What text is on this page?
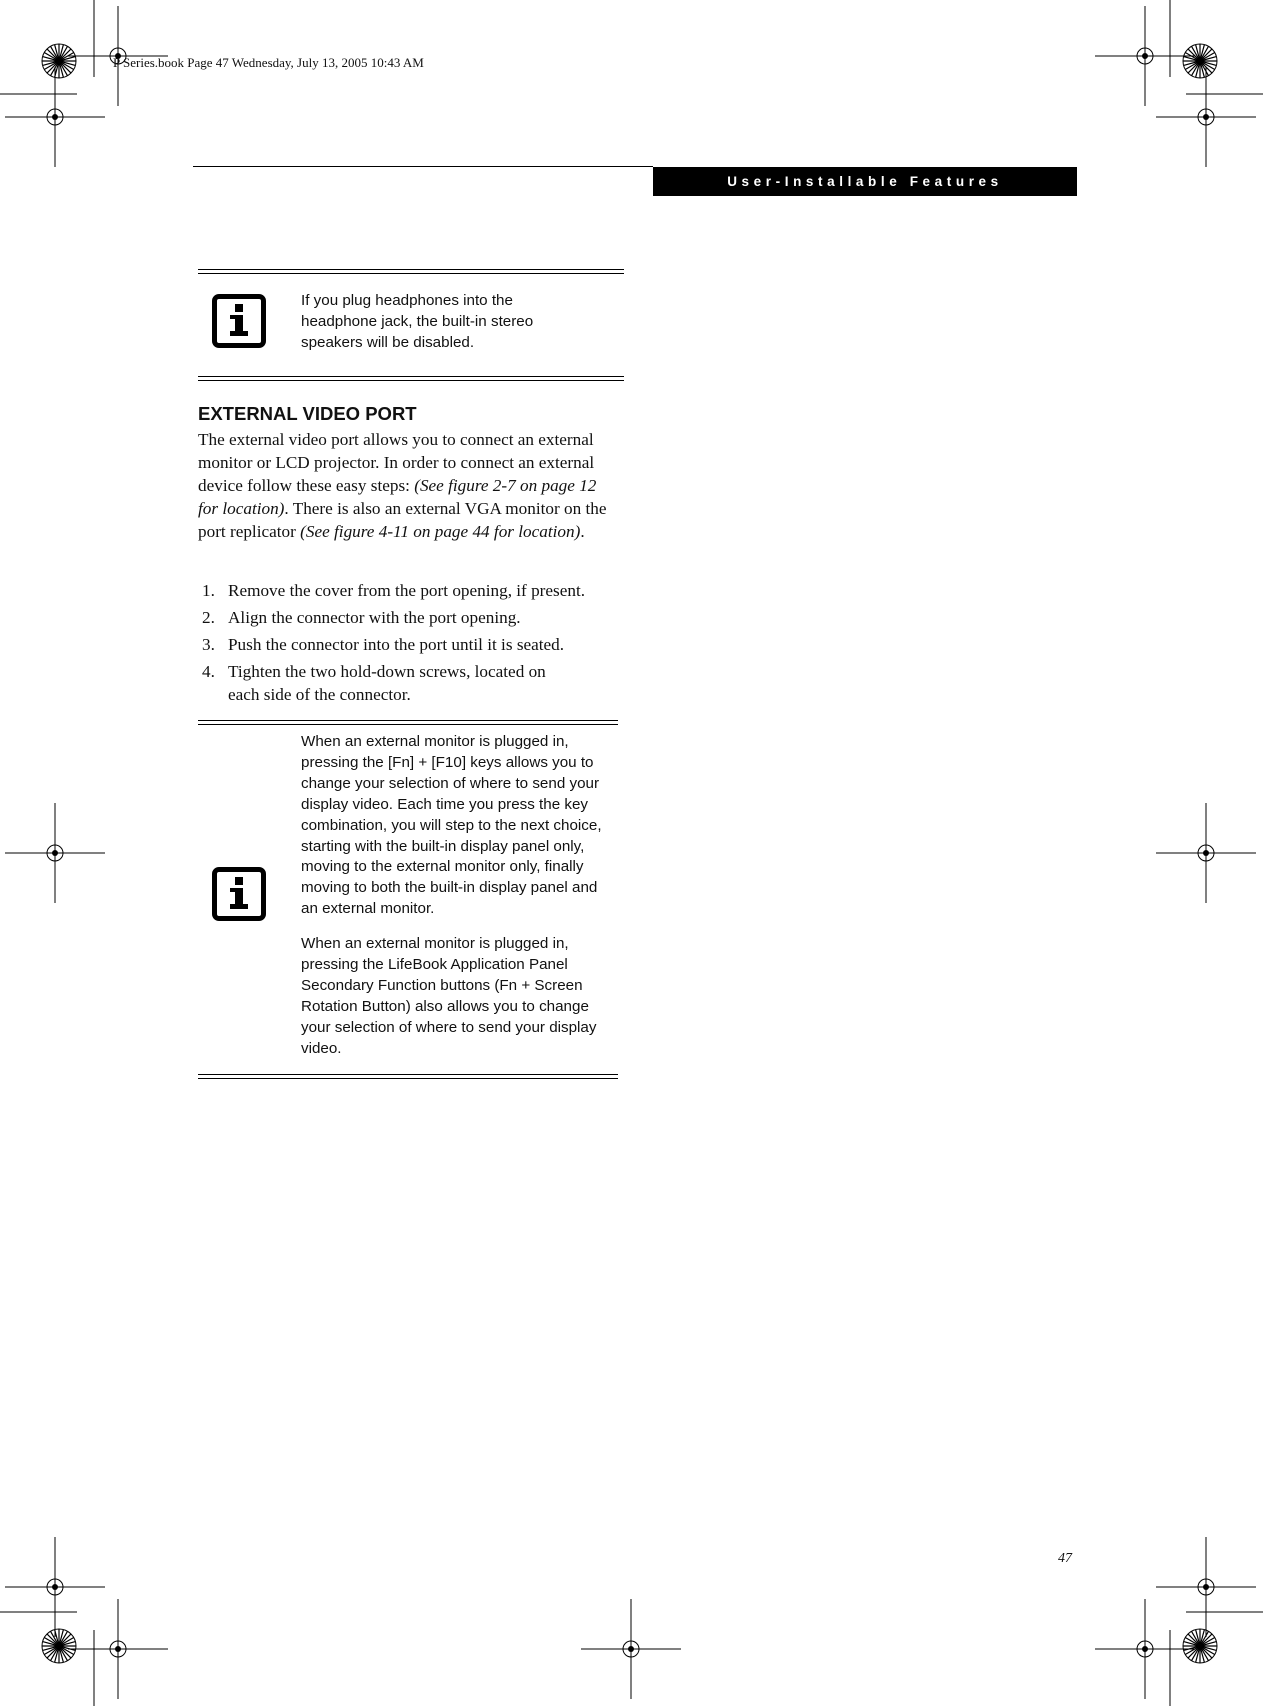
P Series.book Page 47 Wednesday, July 13, 2005 10:43 AM
User-Installable Features

If you plug headphones into the headphone jack, the built-in stereo speakers will be disabled.

EXTERNAL VIDEO PORT

The external video port allows you to connect an external monitor or LCD projector. In order to connect an external device follow these easy steps: (See figure 2-7 on page 12 for location). There is also an external VGA monitor on the port replicator (See figure 4-11 on page 44 for location).

1. Remove the cover from the port opening, if present.
2. Align the connector with the port opening.
3. Push the connector into the port until it is seated.
4. Tighten the two hold-down screws, located on each side of the connector.

When an external monitor is plugged in, pressing the [Fn] + [F10] keys allows you to change your selection of where to send your display video. Each time you press the key combination, you will step to the next choice, starting with the built-in display panel only, moving to the external monitor only, finally moving to both the built-in display panel and an external monitor.

When an external monitor is plugged in, pressing the LifeBook Application Panel Secondary Function buttons (Fn + Screen Rotation Button) also allows you to change your selection of where to send your display video.

47
